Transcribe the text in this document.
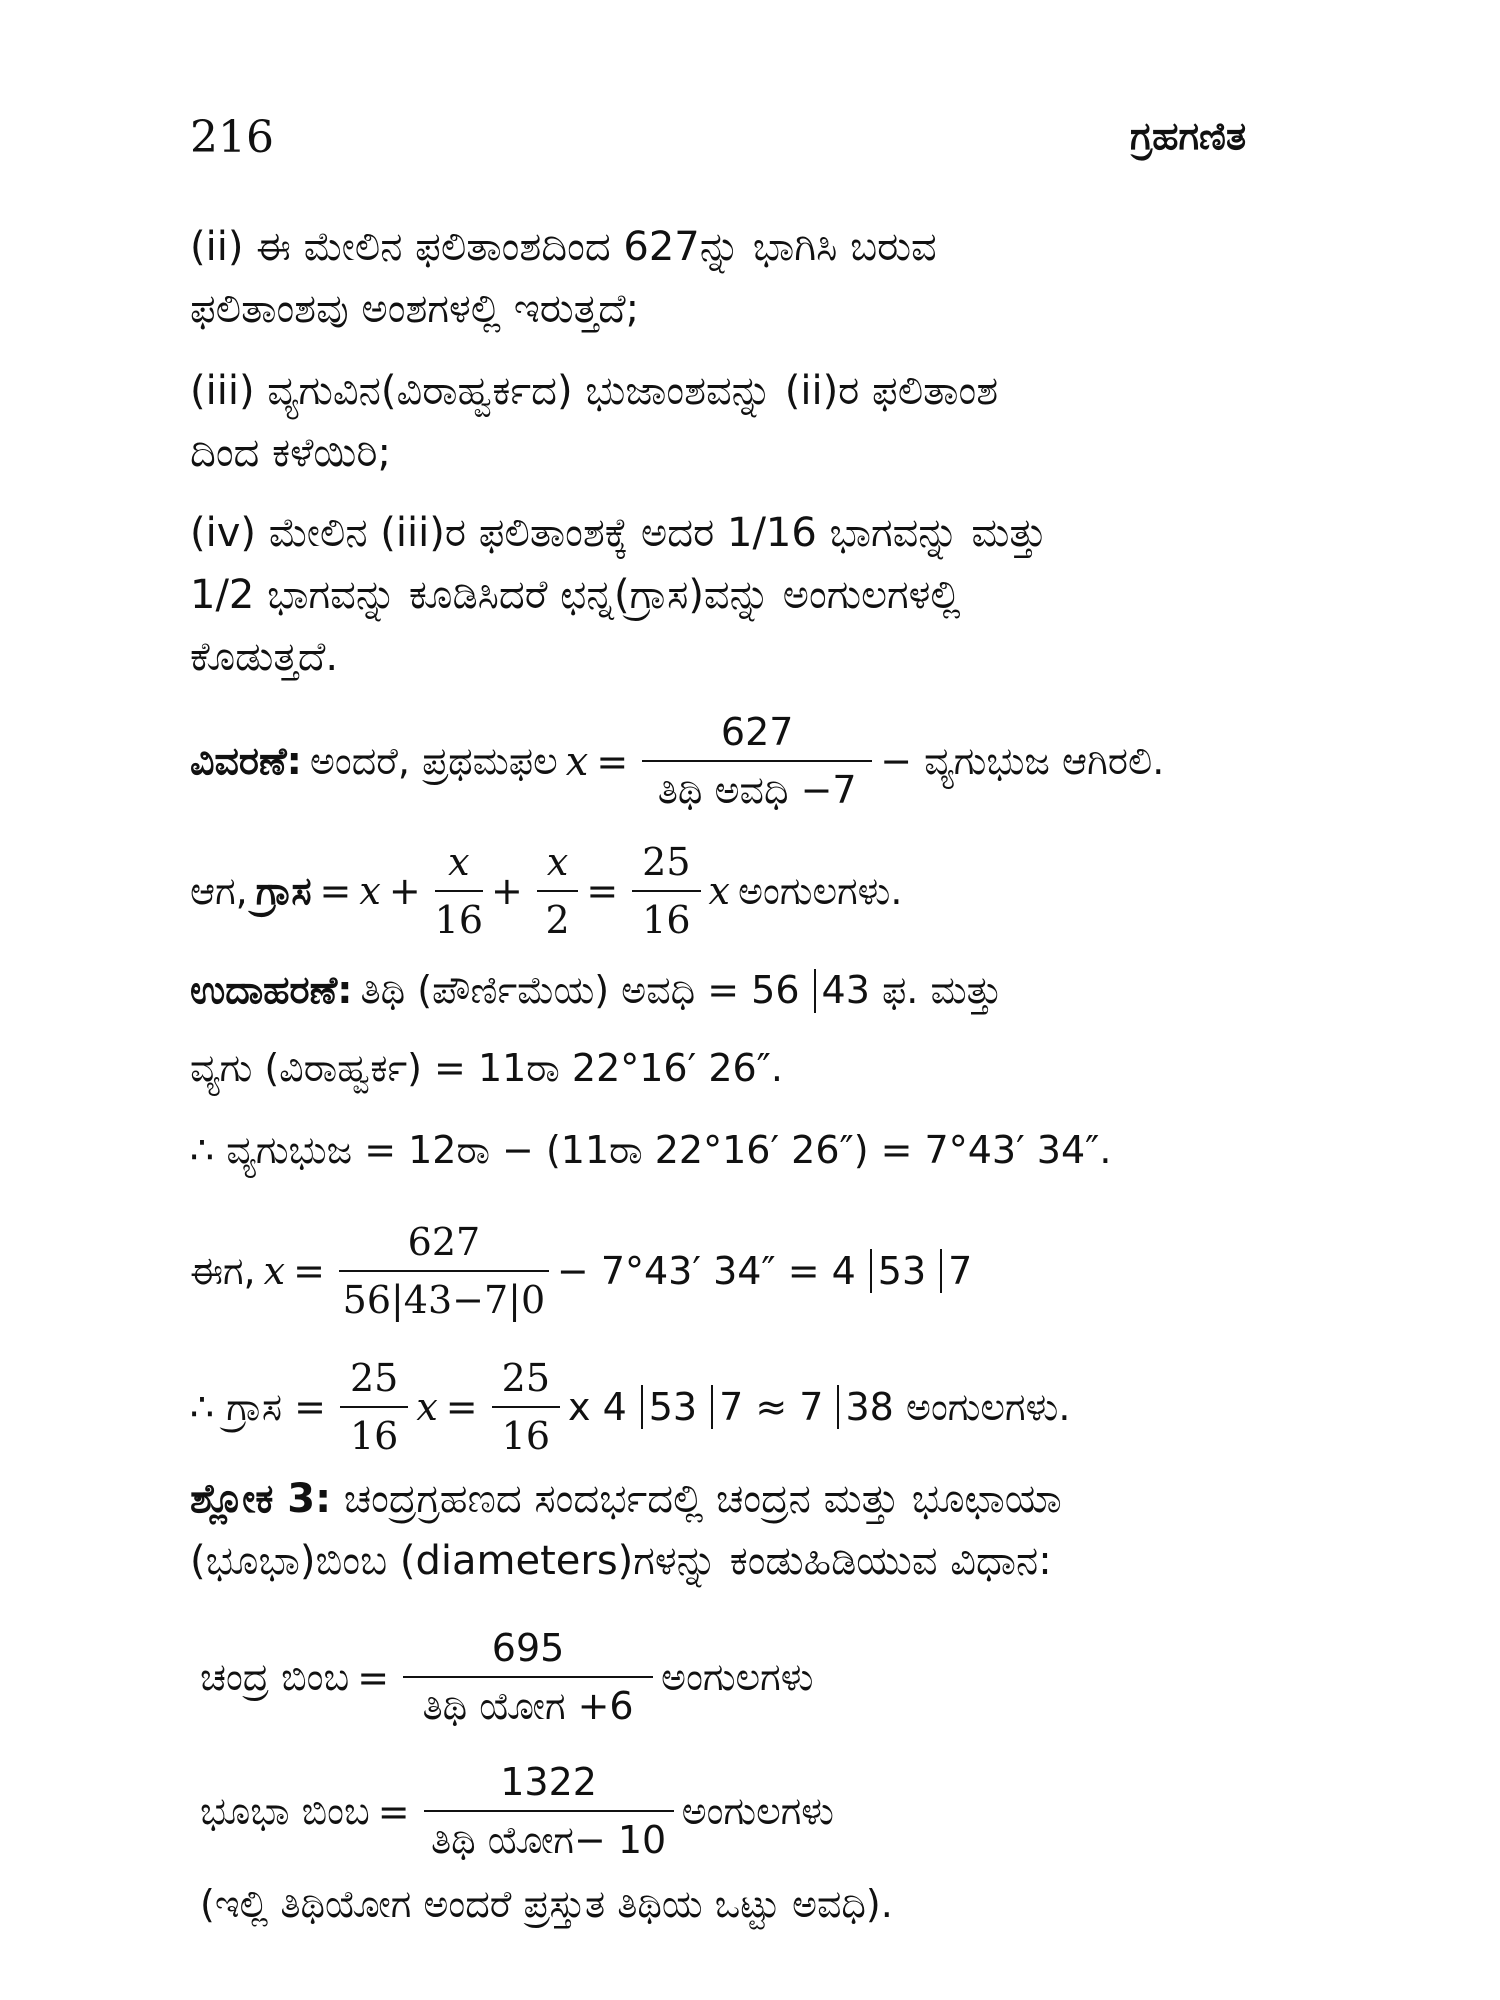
216	ಗ್ರಹಗಣಿತ
(ii) ಈ ಮೇಲಿನ ಫಲಿತಾಂಶದಿಂದ 627ನ್ನು ಭಾಗಿಸಿ ಬರುವ
ಫಲಿತಾಂಶವು ಅಂಶಗಳಲ್ಲಿ ಇರುತ್ತದೆ;
(iii) ವ್ಯಗುವಿನ(ವಿರಾಹ್ವರ್ಕದ) ಭುಜಾಂಶವನ್ನು (ii)ರ ಫಲಿತಾಂಶ
ದಿಂದ ಕಳೆಯಿರಿ;
(iv) ಮೇಲಿನ (iii)ರ ಫಲಿತಾಂಶಕ್ಕೆ ಅದರ 1/16 ಭಾಗವನ್ನು ಮತ್ತು
1/2 ಭಾಗವನ್ನು ಕೂಡಿಸಿದರೆ ಛನ್ನ(ಗ್ರಾಸ)ವನ್ನು ಅಂಗುಲಗಳಲ್ಲಿ
ಕೊಡುತ್ತದೆ.
ವಿವರಣೆ: ಅಂದರೆ, ಪ್ರಥಮಫಲ $x = \frac{627}{\text{ತಿಥಿ ಅವಧಿ −7}}$ − ವ್ಯಗುಭುಜ ಆಗಿರಲಿ.
ಆಗ, ಗ್ರಾಸ = $x + \frac{x}{16} + \frac{x}{2} = \frac{25}{16}$ x ಅಂಗುಲಗಳು.
ಉದಾಹರಣೆ: ತಿಥಿ (ಪೌರ್ಣಿಮೆಯ) ಅವಧಿ = 56 43 ಫ. ಮತ್ತು
ವ್ಯಗು (ವಿರಾಹ್ವರ್ಕ) = 11ರಾ 22°16′ 26″.
∴ ವ್ಯಗುಭುಜ = 12ರಾ − (11ರಾ 22°16′ 26″) = 7°43′ 34″.
ಈಗ, $x = \frac{627}{56|43-7|0} - 7^\circ 43'$ 34″ = 4 53 7
∴ ಗ್ರಾಸ = $\frac{25}{16}$ $x = \frac{25}{16}$ x 4 53 7 ≈ 7 38 ಅಂಗುಲಗಳು.
ಶ್ಲೋಕ 3: ಚಂದ್ರಗ್ರಹಣದ ಸಂದರ್ಭದಲ್ಲಿ ಚಂದ್ರನ ಮತ್ತು ಭೂಛಾಯಾ
(ಭೂಭಾ)ಬಿಂಬ (diameters)ಗಳನ್ನು ಕಂಡುಹಿಡಿಯುವ ವಿಧಾನ:
ಚಂದ್ರ ಬಿಂಬ = $\frac{695}{\text{ತಿಥಿ ಯೋಗ +6}}$ ಅಂಗುಲಗಳು
ಭೂಭಾ ಬಿಂಬ = $\frac{1322}{\text{ತಿಥಿ ಯೋಗ− 10}}$ ಅಂಗುಲಗಳು
(ಇಲ್ಲಿ ತಿಥಿಯೋಗ ಅಂದರೆ ಪ್ರಸ್ತುತ ತಿಥಿಯ ಒಟ್ಟು ಅವಧಿ).
